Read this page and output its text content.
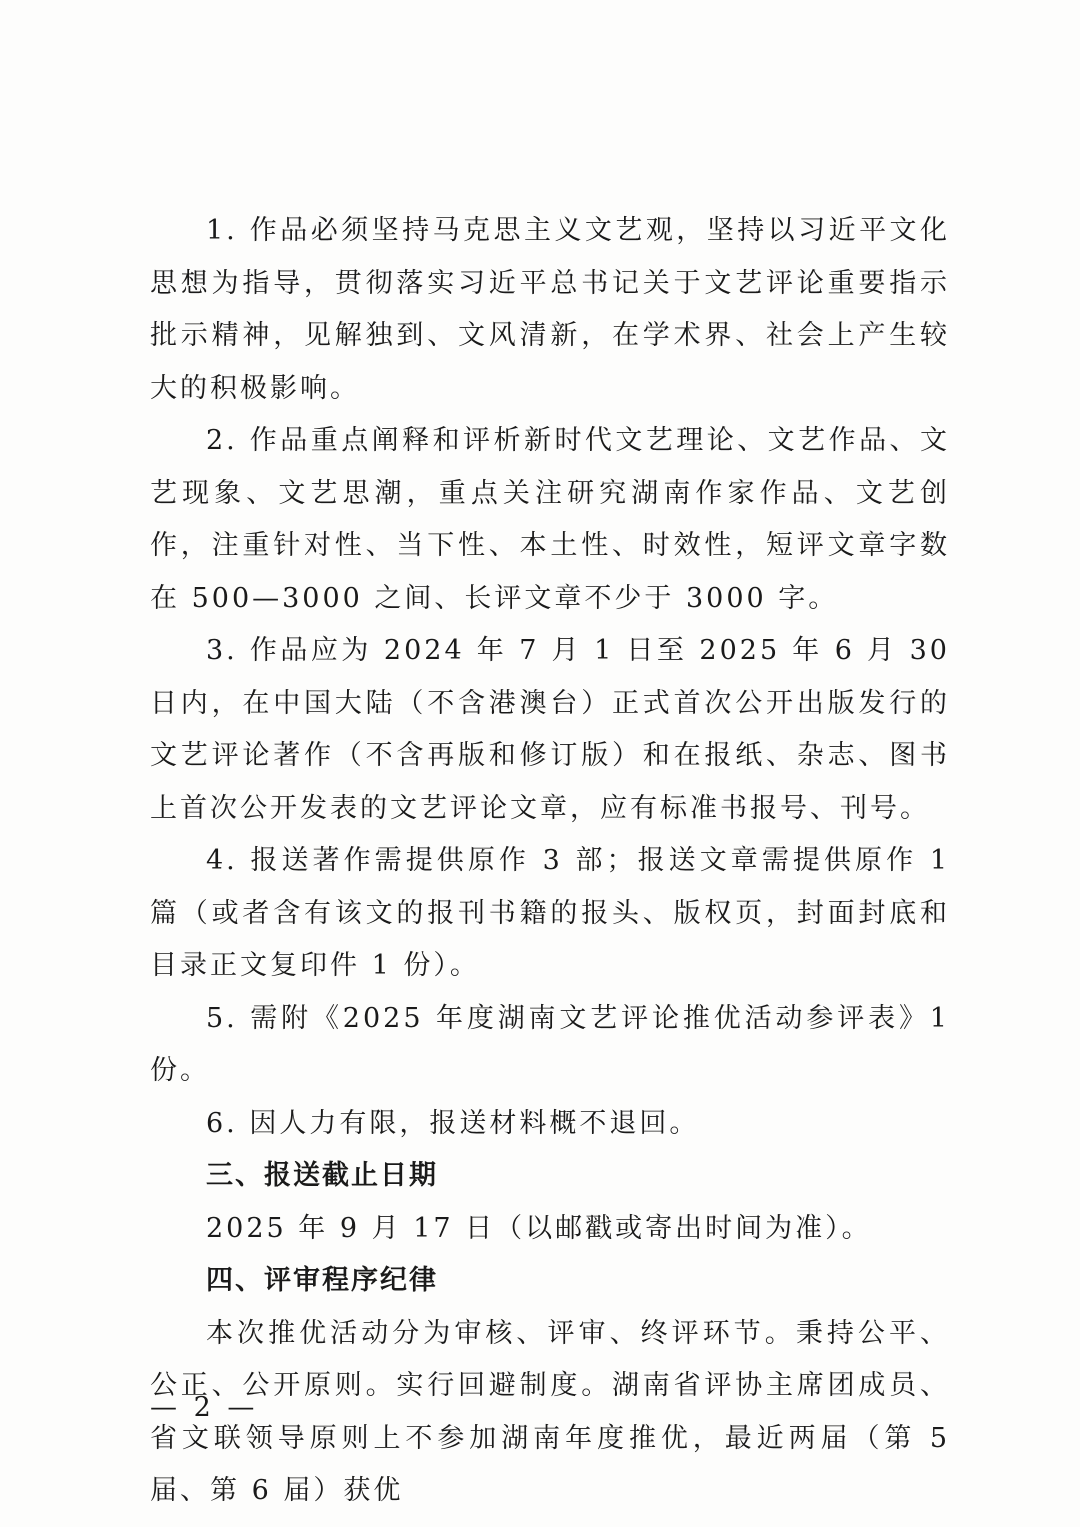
1. 作品必须坚持马克思主义文艺观，坚持以习近平文化思想为指导，贯彻落实习近平总书记关于文艺评论重要指示批示精神，见解独到、文风清新，在学术界、社会上产生较大的积极影响。

2. 作品重点阐释和评析新时代文艺理论、文艺作品、文艺现象、文艺思潮，重点关注研究湖南作家作品、文艺创作，注重针对性、当下性、本土性、时效性，短评文章字数在 500—3000 之间、长评文章不少于 3000 字。

3. 作品应为 2024 年 7 月 1 日至 2025 年 6 月 30 日内，在中国大陆（不含港澳台）正式首次公开出版发行的文艺评论著作（不含再版和修订版）和在报纸、杂志、图书上首次公开发表的文艺评论文章，应有标准书报号、刊号。

4. 报送著作需提供原作 3 部；报送文章需提供原作 1 篇（或者含有该文的报刊书籍的报头、版权页，封面封底和目录正文复印件 1 份）。

5. 需附《2025 年度湖南文艺评论推优活动参评表》1 份。

6. 因人力有限，报送材料概不退回。

三、报送截止日期

2025 年 9 月 17 日（以邮戳或寄出时间为准）。

四、评审程序纪律

本次推优活动分为审核、评审、终评环节。秉持公平、公正、公开原则。实行回避制度。湖南省评协主席团成员、省文联领导原则上不参加湖南年度推优，最近两届（第 5 届、第 6 届）获优

— 2 —
